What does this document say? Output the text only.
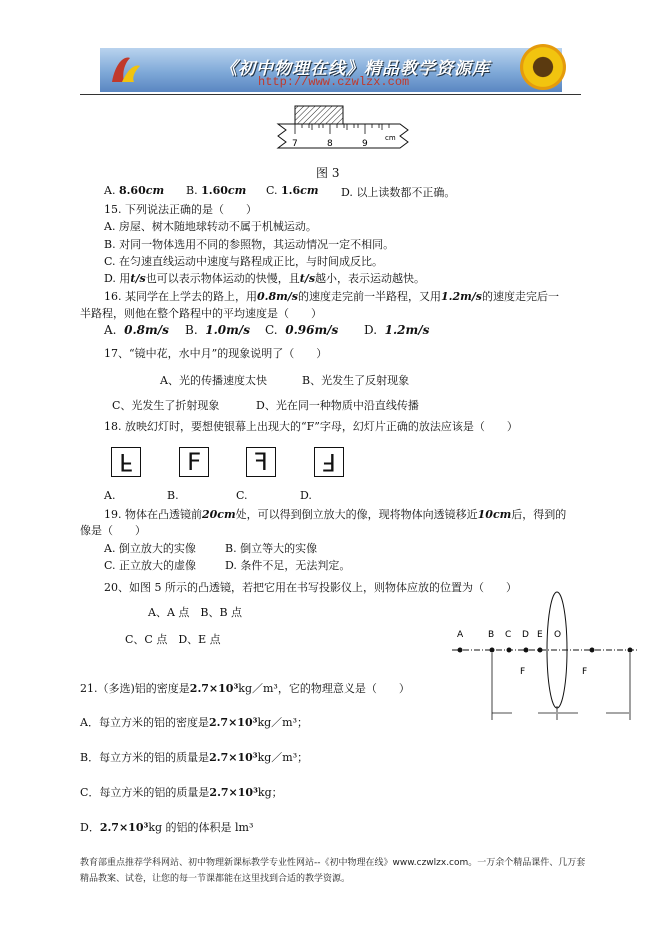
《初中物理在线》精品教学资源库
http://www.czwlzx.com
7	8	9
cm
图 3
A. 8.60cm B. 1.60cm C. 1.6cm D. 以上读数都不正确。
15. 下列说法正确的是（　　）
A. 房屋、树木随地球转动不属于机械运动。
B. 对同一物体选用不同的参照物，其运动情况一定不相同。
C. 在匀速直线运动中速度与路程成正比，与时间成反比。
D. 用t/s也可以表示物体运动的快慢，且t/s越小，表示运动越快。
16. 某同学在上学去的路上，用0.8m/s的速度走完前一半路程，又用1.2m/s的速度走完后一
半路程，则他在整个路程中的平均速度是（　　）
A. 0.8m/s B. 1.0m/s C. 0.96m/s D. 1.2m/s
17、“镜中花，水中月”的现象说明了（　　）
A、光的传播速度太快	B、光发生了反射现象
C、光发生了折射现象	D、光在同一种物质中沿直线传播
18. 放映幻灯时，要想使银幕上出现大的“F”字母，幻灯片正确的放法应该是（　　）
F	F	F	F
A.	B.	C.	D.
19. 物体在凸透镜前20cm处，可以得到倒立放大的像，现将物体向透镜移近10cm后，得到的
像是（　　）
A. 倒立放大的实像	B. 倒立等大的实像
C. 正立放大的虚像	D. 条件不足，无法判定。
20、如图 5 所示的凸透镜，若把它用在书写投影仪上，则物体应放的位置为（　　）
A、A 点　B、B 点
C、C 点　D、E 点	A	B C D E O
F	F
21.（多选)铝的密度是2.7×10³kg／m³，它的物理意义是（　　）
A．每立方米的铝的密度是2.7×10³kg／m³；
B．每立方米的铝的质量是2.7×10³kg／m³；
C．每立方米的铝的质量是2.7×10³kg；
D．2.7×10³kg 的铝的体积是 lm³
教育部重点推荐学科网站、初中物理新课标教学专业性网站--《初中物理在线》www.czwlzx.com。一万余个精品课件、几万套精品教案、试卷，让您的每一节课都能在这里找到合适的教学资源。
